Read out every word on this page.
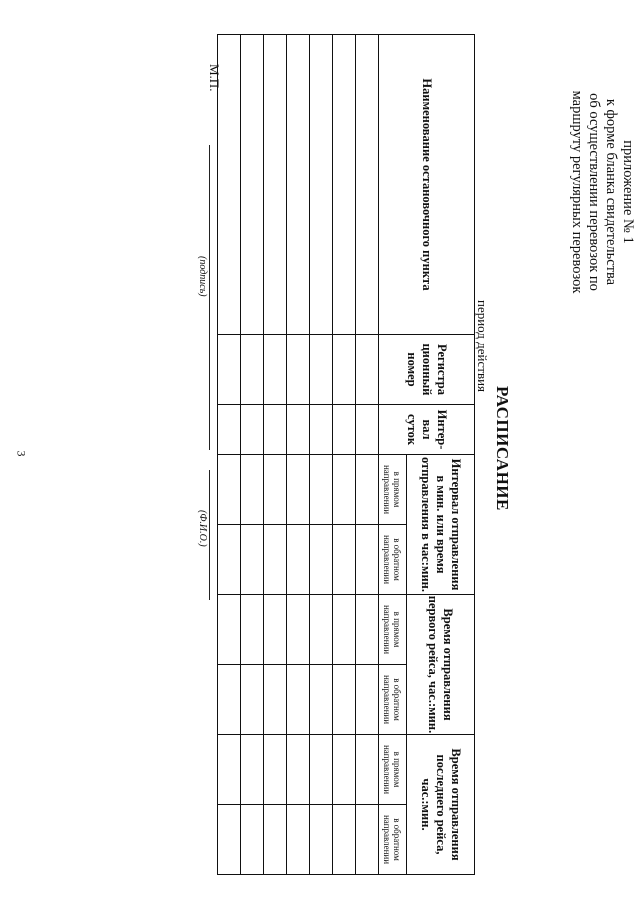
3
приложение № 1
к форме бланка свидетельства
об осуществлении перевозок по
маршруту регулярных перевозок
РАСПИСАНИЕ
период действия
Наименование остановочного пункта	Регистра ционный номер	Интер- вал суток	Интервал отправления в мин. или время отправления в час:мин.		Время отправления первого рейса, час.:мин.		Время отправления последнего рейса, час.:мин.	
			в прямом направлении	в обратном направлении	в прямом направлении	в обратном направлении	в прямом направлении	в обратном направлении

М.П.
(подпись)
(Ф.И.О.)
